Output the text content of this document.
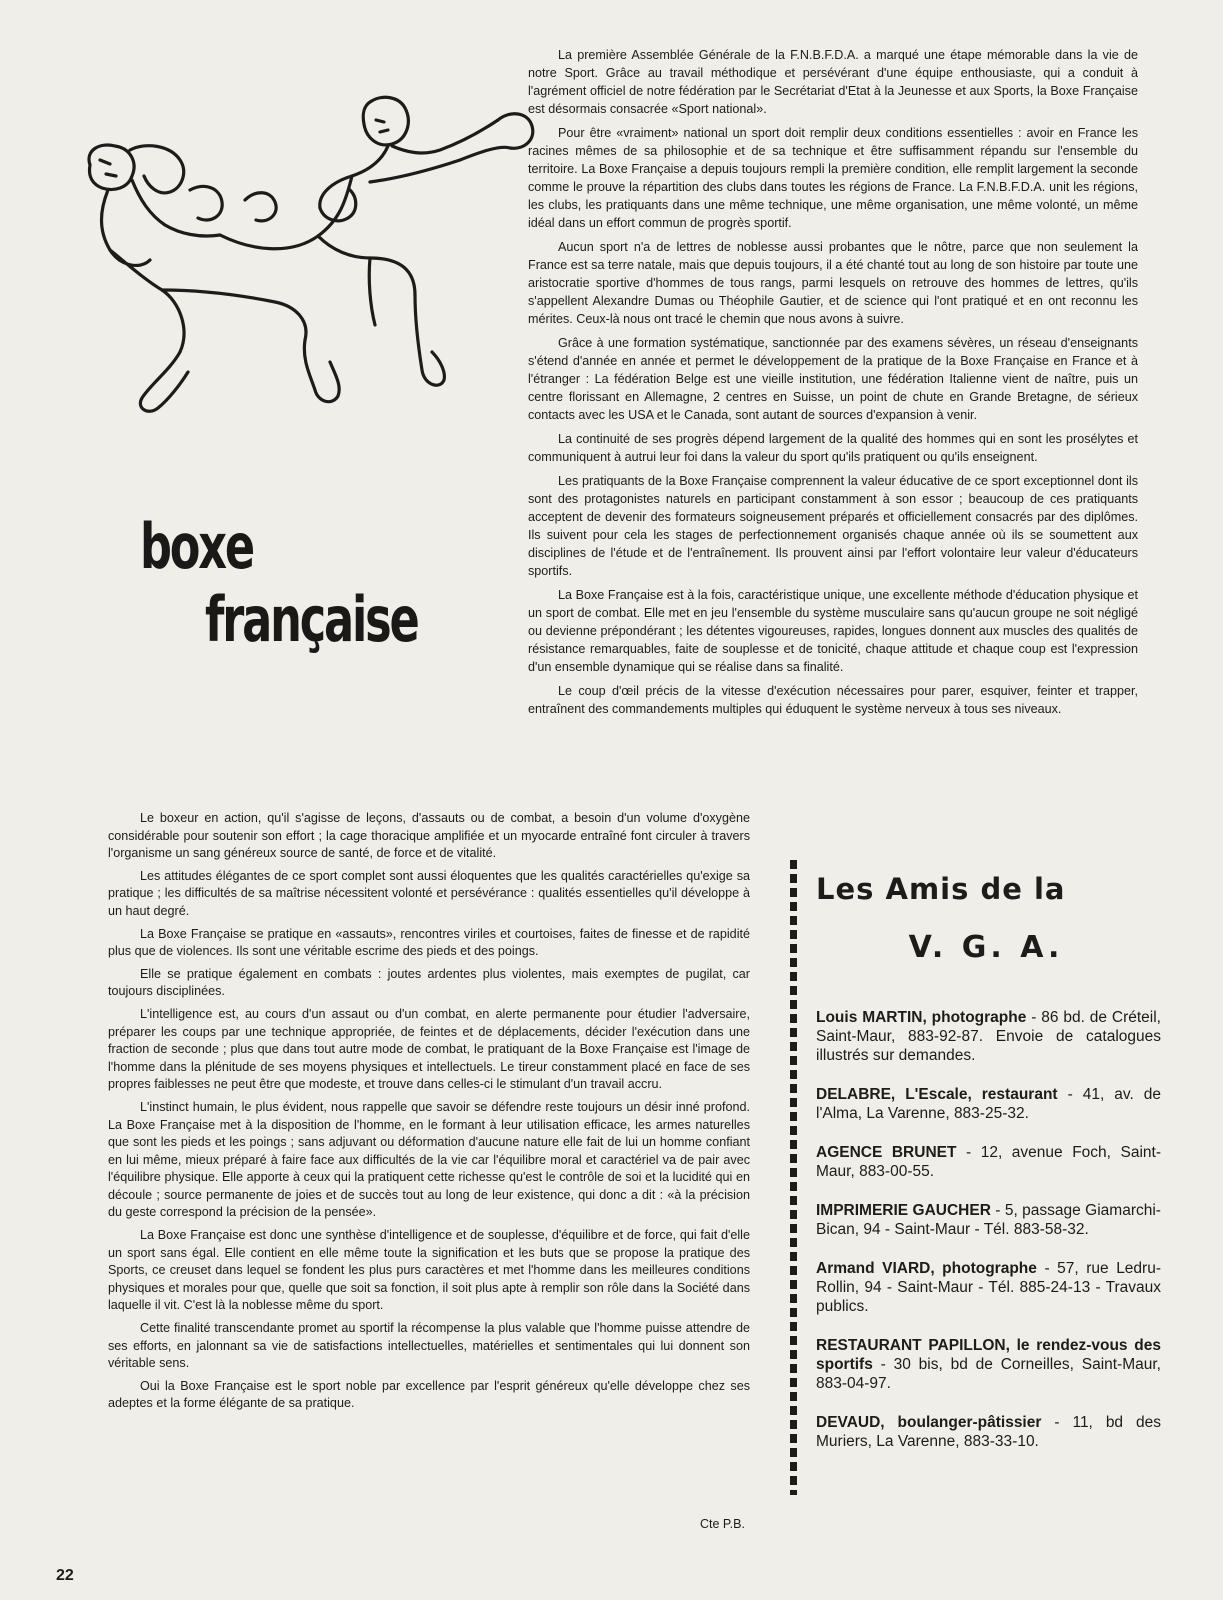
boxe
française

La première Assemblée Générale de la F.N.B.F.D.A. a marqué une étape mémorable dans la vie de notre Sport. Grâce au travail méthodique et persévérant d'une équipe enthousiaste, qui a conduit à l'agrément officiel de notre fédération par le Secrétariat d'Etat à la Jeunesse et aux Sports, la Boxe Française est désormais consacrée «Sport national».

Pour être «vraiment» national un sport doit remplir deux conditions essentielles : avoir en France les racines mêmes de sa philosophie et de sa technique et être suffisamment répandu sur l'ensemble du territoire. La Boxe Française a depuis toujours rempli la première condition, elle remplit largement la seconde comme le prouve la répartition des clubs dans toutes les régions de France. La F.N.B.F.D.A. unit les régions, les clubs, les pratiquants dans une même technique, une même organisation, une même volonté, un même idéal dans un effort commun de progrès sportif.

Aucun sport n'a de lettres de noblesse aussi probantes que le nôtre, parce que non seulement la France est sa terre natale, mais que depuis toujours, il a été chanté tout au long de son histoire par toute une aristocratie sportive d'hommes de tous rangs, parmi lesquels on retrouve des hommes de lettres, qu'ils s'appellent Alexandre Dumas ou Théophile Gautier, et de science qui l'ont pratiqué et en ont reconnu les mérites. Ceux-là nous ont tracé le chemin que nous avons à suivre.

Grâce à une formation systématique, sanctionnée par des examens sévères, un réseau d'enseignants s'étend d'année en année et permet le développement de la pratique de la Boxe Française en France et à l'étranger : La fédération Belge est une vieille institution, une fédération Italienne vient de naître, puis un centre florissant en Allemagne, 2 centres en Suisse, un point de chute en Grande Bretagne, de sérieux contacts avec les USA et le Canada, sont autant de sources d'expansion à venir.

La continuité de ses progrès dépend largement de la qualité des hommes qui en sont les prosélytes et communiquent à autrui leur foi dans la valeur du sport qu'ils pratiquent ou qu'ils enseignent.

Les pratiquants de la Boxe Française comprennent la valeur éducative de ce sport exceptionnel dont ils sont des protagonistes naturels en participant constamment à son essor ; beaucoup de ces pratiquants acceptent de devenir des formateurs soigneusement préparés et officiellement consacrés par des diplômes. Ils suivent pour cela les stages de perfectionnement organisés chaque année où ils se soumettent aux disciplines de l'étude et de l'entraînement. Ils prouvent ainsi par l'effort volontaire leur valeur d'éducateurs sportifs.

La Boxe Française est à la fois, caractéristique unique, une excellente méthode d'éducation physique et un sport de combat. Elle met en jeu l'ensemble du système musculaire sans qu'aucun groupe ne soit négligé ou devienne prépondérant ; les détentes vigoureuses, rapides, longues donnent aux muscles des qualités de résistance remarquables, faite de souplesse et de tonicité, chaque attitude et chaque coup est l'expression d'un ensemble dynamique qui se réalise dans sa finalité.

Le coup d'œil précis de la vitesse d'exécution nécessaires pour parer, esquiver, feinter et trapper, entraînent des commandements multiples qui éduquent le système nerveux à tous ses niveaux.

Le boxeur en action, qu'il s'agisse de leçons, d'assauts ou de combat, a besoin d'un volume d'oxygène considérable pour soutenir son effort ; la cage thoracique amplifiée et un myocarde entraîné font circuler à travers l'organisme un sang généreux source de santé, de force et de vitalité.

Les attitudes élégantes de ce sport complet sont aussi éloquentes que les qualités caractérielles qu'exige sa pratique ; les difficultés de sa maîtrise nécessitent volonté et persévérance : qualités essentielles qu'il développe à un haut degré.

La Boxe Française se pratique en «assauts», rencontres viriles et courtoises, faites de finesse et de rapidité plus que de violences. Ils sont une véritable escrime des pieds et des poings.

Elle se pratique également en combats : joutes ardentes plus violentes, mais exemptes de pugilat, car toujours disciplinées.

L'intelligence est, au cours d'un assaut ou d'un combat, en alerte permanente pour étudier l'adversaire, préparer les coups par une technique appropriée, de feintes et de déplacements, décider l'exécution dans une fraction de seconde ; plus que dans tout autre mode de combat, le pratiquant de la Boxe Française est l'image de l'homme dans la plénitude de ses moyens physiques et intellectuels. Le tireur constamment placé en face de ses propres faiblesses ne peut être que modeste, et trouve dans celles-ci le stimulant d'un travail accru.

L'instinct humain, le plus évident, nous rappelle que savoir se défendre reste toujours un désir inné profond. La Boxe Française met à la disposition de l'homme, en le formant à leur utilisation efficace, les armes naturelles que sont les pieds et les poings ; sans adjuvant ou déformation d'aucune nature elle fait de lui un homme confiant en lui même, mieux préparé à faire face aux difficultés de la vie car l'équilibre moral et caractériel va de pair avec l'équilibre physique. Elle apporte à ceux qui la pratiquent cette richesse qu'est le contrôle de soi et la lucidité qui en découle ; source permanente de joies et de succès tout au long de leur existence, qui donc a dit : «à la précision du geste correspond la précision de la pensée».

La Boxe Française est donc une synthèse d'intelligence et de souplesse, d'équilibre et de force, qui fait d'elle un sport sans égal. Elle contient en elle même toute la signification et les buts que se propose la pratique des Sports, ce creuset dans lequel se fondent les plus purs caractères et met l'homme dans les meilleures conditions physiques et morales pour que, quelle que soit sa fonction, il soit plus apte à remplir son rôle dans la Société dans laquelle il vit. C'est là la noblesse même du sport.

Cette finalité transcendante promet au sportif la récompense la plus valable que l'homme puisse attendre de ses efforts, en jalonnant sa vie de satisfactions intellectuelles, matérielles et sentimentales qui lui donnent son véritable sens.

Oui la Boxe Française est le sport noble par excellence par l'esprit généreux qu'elle développe chez ses adeptes et la forme élégante de sa pratique.

Les Amis de la
V. G. A.

Louis MARTIN, photographe - 86 bd. de Créteil, Saint-Maur, 883-92-87. Envoie de catalogues illustrés sur demandes.

DELABRE, L'Escale, restaurant - 41, av. de l'Alma, La Varenne, 883-25-32.

AGENCE BRUNET - 12, avenue Foch, Saint-Maur, 883-00-55.

IMPRIMERIE GAUCHER - 5, passage Giamarchi-Bican, 94 - Saint-Maur - Tél. 883-58-32.

Armand VIARD, photographe - 57, rue Ledru-Rollin, 94 - Saint-Maur - Tél. 885-24-13 - Travaux publics.

RESTAURANT PAPILLON, le rendez-vous des sportifs - 30 bis, bd de Corneilles, Saint-Maur, 883-04-97.

DEVAUD, boulanger-pâtissier - 11, bd des Muriers, La Varenne, 883-33-10.

Cte P.B.
22
